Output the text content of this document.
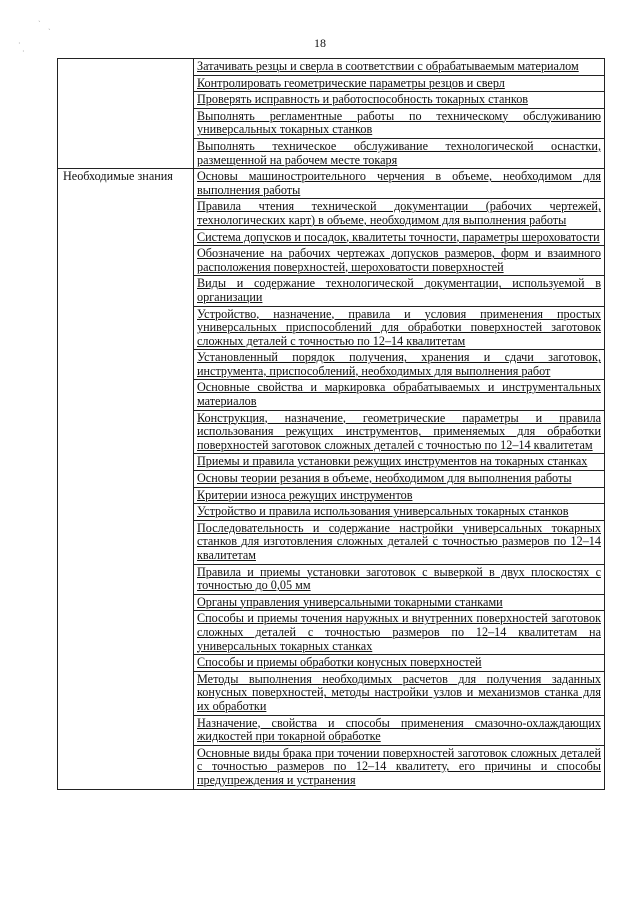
18
ˎ
ˎ
·
·

	Затачивать резцы и сверла в соответствии с обрабатываемым материалом

	Контролировать геометрические параметры резцов и сверл

	Проверять исправность и работоспособность токарных станков

	Выполнять регламентные работы по техническому обслуживанию универсальных токарных станков

	Выполнять техническое обслуживание технологической оснастки, размещенной на рабочем месте токаря

Необходимые знания	Основы машиностроительного черчения в объеме, необходимом для выполнения работы

	Правила чтения технической документации (рабочих чертежей, технологических карт) в объеме, необходимом для выполнения работы

	Система допусков и посадок, квалитеты точности, параметры шероховатости

	Обозначение на рабочих чертежах допусков размеров, форм и взаимного расположения поверхностей, шероховатости поверхностей

	Виды и содержание технологической документации, используемой в организации

	Устройство, назначение, правила и условия применения простых универсальных приспособлений для обработки поверхностей заготовок сложных деталей с точностью по 12–14 квалитетам

	Установленный порядок получения, хранения и сдачи заготовок, инструмента, приспособлений, необходимых для выполнения работ

	Основные свойства и маркировка обрабатываемых и инструментальных материалов

	Конструкция, назначение, геометрические параметры и правила использования режущих инструментов, применяемых для обработки поверхностей заготовок сложных деталей с точностью по 12–14 квалитетам

	Приемы и правила установки режущих инструментов на токарных станках

	Основы теории резания в объеме, необходимом для выполнения работы

	Критерии износа режущих инструментов

	Устройство и правила использования универсальных токарных станков

	Последовательность и содержание настройки универсальных токарных станков для изготовления сложных деталей с точностью размеров по 12–14 квалитетам

	Правила и приемы установки заготовок с выверкой в двух плоскостях с точностью до 0,05 мм

	Органы управления универсальными токарными станками

	Способы и приемы точения наружных и внутренних поверхностей заготовок сложных деталей с точностью размеров по 12–14 квалитетам на универсальных токарных станках

	Способы и приемы обработки конусных поверхностей

	Методы выполнения необходимых расчетов для получения заданных конусных поверхностей, методы настройки узлов и механизмов станка для их обработки

	Назначение, свойства и способы применения смазочно-охлаждающих жидкостей при токарной обработке

	Основные виды брака при точении поверхностей заготовок сложных деталей с точностью размеров по 12–14 квалитету, его причины и способы предупреждения и устранения
